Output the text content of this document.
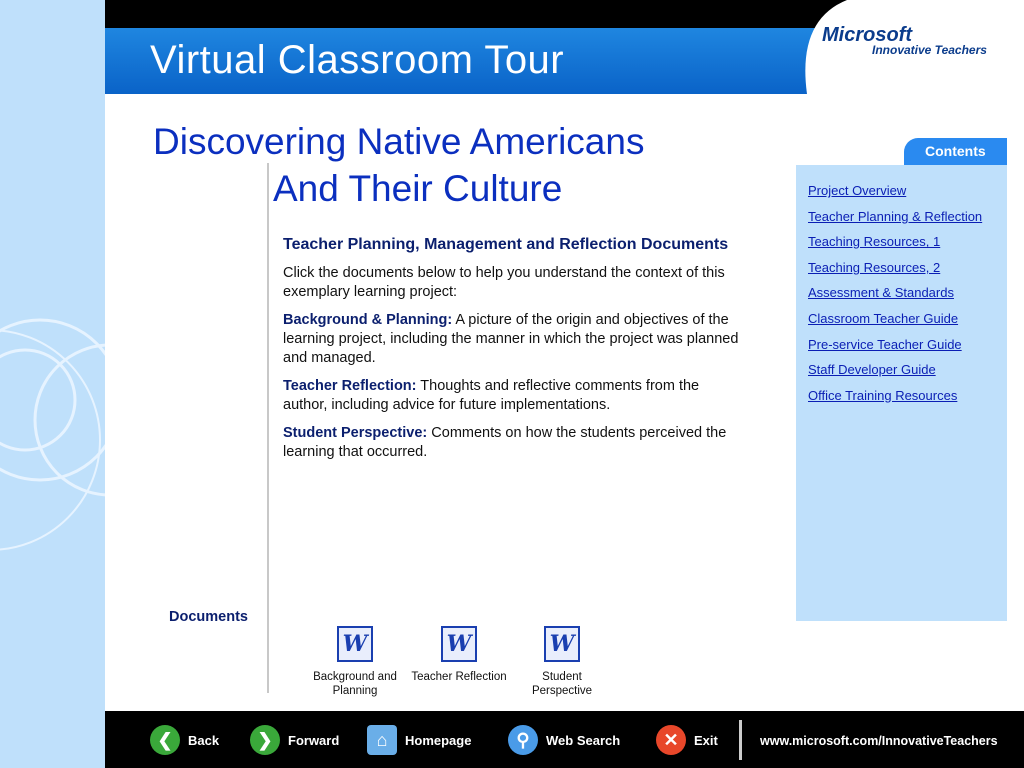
Virtual Classroom Tour
Microsoft
Innovative Teachers
Discovering Native Americans
And Their Culture
Teacher Planning, Management and Reflection Documents

Click the documents below to help you understand the context of this exemplary learning project:

Background & Planning: A picture of the origin and objectives of the learning project, including the manner in which the project was planned and managed.

Teacher Reflection: Thoughts and reflective comments from the author, including advice for future implementations.

Student Perspective: Comments on how the students perceived the learning that occurred.

Documents
W
Background and Planning
W
Teacher Reflection
W
Student Perspective
Contents
Project Overview
Teacher Planning & Reflection
Teaching Resources, 1
Teaching Resources, 2
Assessment & Standards
Classroom Teacher Guide
Pre-service Teacher Guide
Staff Developer Guide
Office Training Resources
❮	Back	❯	Forward	⌂	Homepage	⚲	Web Search	✕	Exit	www.microsoft.com/InnovativeTeachers
